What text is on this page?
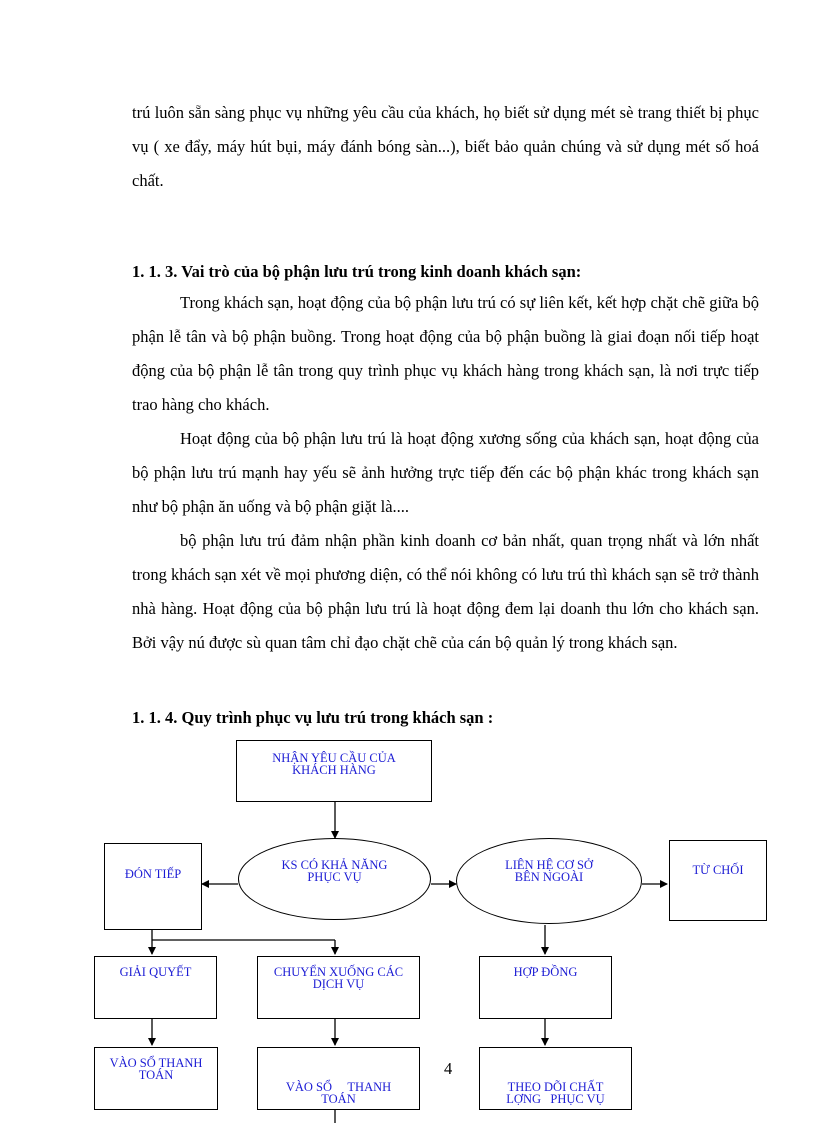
trú luôn sẵn sàng phục vụ những yêu cầu của khách, họ biết sử dụng mét sè trang thiết bị phục vụ ( xe đẩy, máy hút bụi, máy đánh bóng sàn...), biết bảo quản chúng và sử dụng mét số hoá chất.

1. 1. 3. Vai trò của bộ phận lưu trú trong kinh doanh khách sạn:

Trong khách sạn, hoạt động của bộ phận lưu trú có sự liên kết, kết hợp chặt chẽ giữa bộ phận lễ tân và bộ phận buồng. Trong hoạt động của bộ phận buồng là giai đoạn nối tiếp hoạt động của bộ phận lễ tân trong quy trình phục vụ khách hàng trong khách sạn, là nơi trực tiếp trao hàng cho khách.

Hoạt động của bộ phận lưu trú là hoạt động xương sống của khách sạn, hoạt động của bộ phận lưu trú mạnh hay yếu sẽ ảnh hưởng trực tiếp đến các bộ phận khác trong khách sạn như bộ phận ăn uống và bộ phận giặt là....

bộ phận lưu trú đảm nhận phần kinh doanh cơ bản nhất, quan trọng nhất và lớn nhất trong khách sạn xét về mọi phương diện, có thể nói không có lưu trú thì khách sạn sẽ trở thành nhà hàng. Hoạt động của bộ phận lưu trú là hoạt động đem lại doanh thu lớn cho khách sạn. Bởi vậy nú được sù quan tâm chỉ đạo chặt chẽ của cán bộ quản lý trong khách sạn.

1. 1. 4. Quy trình phục vụ lưu trú trong khách sạn :

NHẬN YÊU CẦU CỦA
KHÁCH HÀNG
KS CÓ KHẢ NĂNG
PHỤC VỤ
LIÊN HỆ CƠ SỞ
BÊN NGOÀI
ĐÓN TIẾP	TỪ CHỐI
GIẢI QUYẾT	CHUYỂN XUỐNG CÁC
DỊCH VỤ
HỢP ĐỒNG
VÀO SỔ THANH
TOÁN

VÀO SỔ     THANH
TOÁN

THEO DÕI CHẤT
LỢNG   PHỤC VỤ

4
